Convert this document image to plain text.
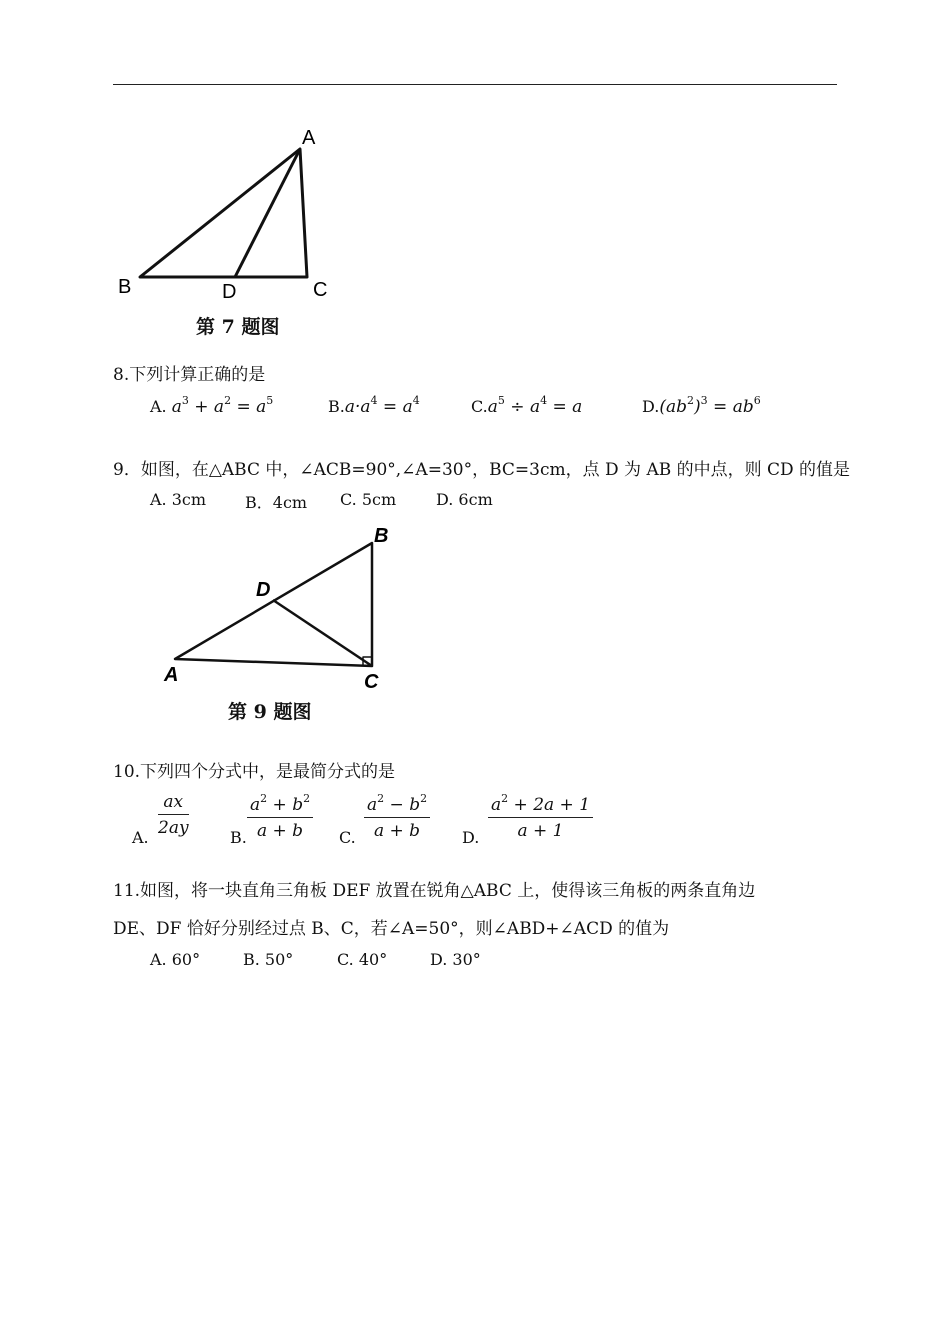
A
B	D	C
第 7 题图
8.下列计算正确的是
A. $a^3 + a^2 = a^5$	$B.a\cdot a^4 = a^4$	$C.a^5 \div a^4 = a$	$D.(ab^2)^3 = ab^6$
9．如图，在△ABC 中，∠ACB=90°,∠A=30°，BC=3cm，点 D 为 AB 的中点，则 CD 的值是
A. 3cm B．4cm C. 5cm D. 6cm
B
D
A	C
第 9 题图
10.下列四个分式中，是最简分式的是
A. $\frac{ax}{2ay}$	B. $\frac{a^2 + b^2}{a + b} C$. $\frac{a^2 - b^2}{a + b} D$. $\frac{a^2 + 2a + 1}{a + 1}$
11.如图，将一块直角三角板 DEF 放置在锐角△ABC 上，使得该三角板的两条直角边
DE、DF 恰好分别经过点 B、C，若∠A=50°，则∠ABD+∠ACD 的值为
A. 60°	B. 50°	C. 40°	D. 30°
